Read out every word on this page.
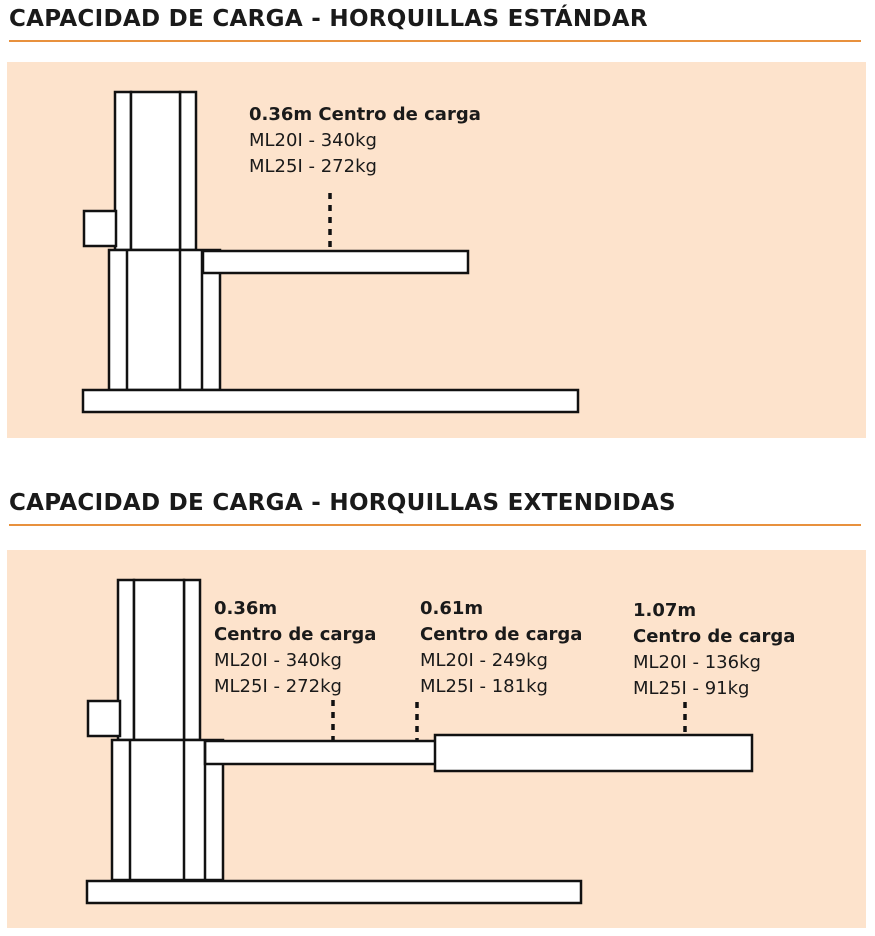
CAPACIDAD DE CARGA - HORQUILLAS ESTÁNDAR
0.36m Centro de carga
ML20I - 340kg
ML25I - 272kg
CAPACIDAD DE CARGA - HORQUILLAS EXTENDIDAS
0.36m
Centro de carga
ML20I - 340kg
ML25I - 272kg
0.61m
Centro de carga
ML20I - 249kg
ML25I - 181kg
1.07m
Centro de carga
ML20I - 136kg
ML25I - 91kg
